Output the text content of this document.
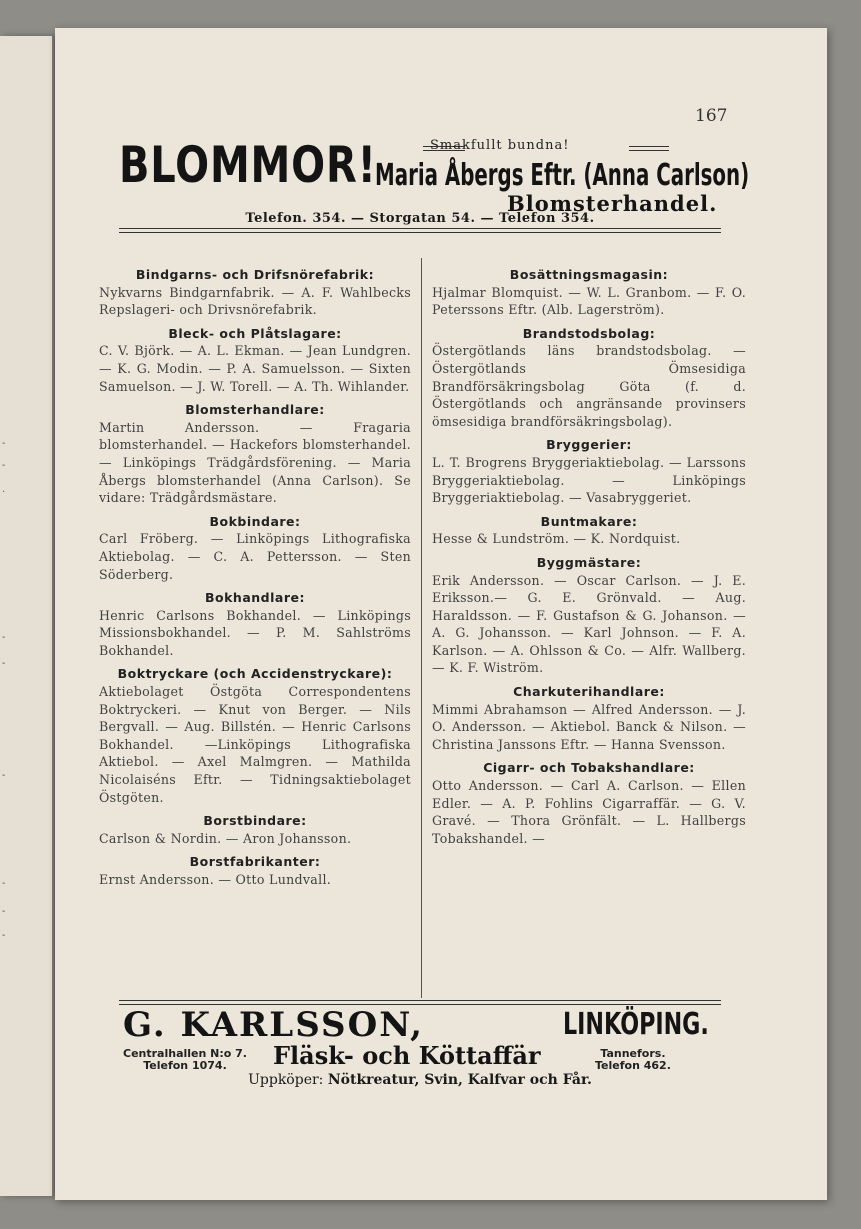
-
-
.
-
-
-
-
-
-
167
BLOMMOR!	Smakfullt bundna!
Maria Åbergs Eftr. (Anna Carlson)
Blomsterhandel.
Telefon. 354. — Storgatan 54. — Telefon 354.

Bindgarns- och Drifsnörefabrik:

Nykvarns Bindgarnfabrik. — A. F. Wahlbecks Repslageri- och Drivsnörefabrik.

Bleck- och Plåtslagare:

C. V. Björk. — A. L. Ekman. — Jean Lundgren. — K. G. Modin. — P. A. Samuelsson. — Sixten Samuelson. — J. W. Torell. — A. Th. Wihlander.

Blomsterhandlare:

Martin Andersson. — Fragaria blomsterhandel. — Hackefors blomsterhandel. — Linköpings Trädgårdsförening. — Maria Åbergs blomsterhandel (Anna Carlson). Se vidare: Trädgårdsmästare.

Bokbindare:

Carl Fröberg. — Linköpings Lithografiska Aktiebolag. — C. A. Pettersson. — Sten Söderberg.

Bokhandlare:

Henric Carlsons Bokhandel. — Linköpings Missionsbokhandel. — P. M. Sahlströms Bokhandel.

Boktryckare (och Accidenstryckare):

Aktiebolaget Östgöta Correspondentens Boktryckeri. — Knut von Berger. — Nils Bergvall. — Aug. Billstén. — Henric Carlsons Bokhandel. —Linköpings Lithografiska Aktiebol. — Axel Malmgren. — Mathilda Nicolaiséns Eftr. — Tidningsaktiebolaget Östgöten.

Borstbindare:

Carlson & Nordin. — Aron Johansson.

Borstfabrikanter:

Ernst Andersson. — Otto Lundvall.

Bosättningsmagasin:

Hjalmar Blomquist. — W. L. Granbom. — F. O. Peterssons Eftr. (Alb. Lagerström).

Brandstodsbolag:

Östergötlands läns brandstodsbolag. — Östergötlands Ömsesidiga Brandförsäkringsbolag Göta (f. d. Östergötlands och angränsande provinsers ömsesidiga brandförsäkringsbolag).

Bryggerier:

L. T. Brogrens Bryggeriaktiebolag. — Larssons Bryggeriaktiebolag. — Linköpings Bryggeriaktiebolag. — Vasabryggeriet.

Buntmakare:

Hesse & Lundström. — K. Nordquist.

Byggmästare:

Erik Andersson. — Oscar Carlson. — J. E. Eriksson.— G. E. Grönvald. — Aug. Haraldsson. — F. Gustafson & G. Johanson. — A. G. Johansson. — Karl Johnson. — F. A. Karlson. — A. Ohlsson & Co. — Alfr. Wallberg. — K. F. Wiström.

Charkuterihandlare:

Mimmi Abrahamson — Alfred Andersson. — J. O. Andersson. — Aktiebol. Banck & Nilson. — Christina Janssons Eftr. — Hanna Svensson.

Cigarr- och Tobakshandlare:

Otto Andersson. — Carl A. Carlson. — Ellen Edler. — A. P. Fohlins Cigarraffär. — G. V. Gravé. — Thora Grönfält. — L. Hallbergs Tobakshandel. —

G. KARLSSON,	LINKÖPING.
Centralhallen N:o 7.
Telefon 1074.	Fläsk- och Köttaffär	Tannefors.
Telefon 462.
Uppköper: Nötkreatur, Svin, Kalfvar och Får.
